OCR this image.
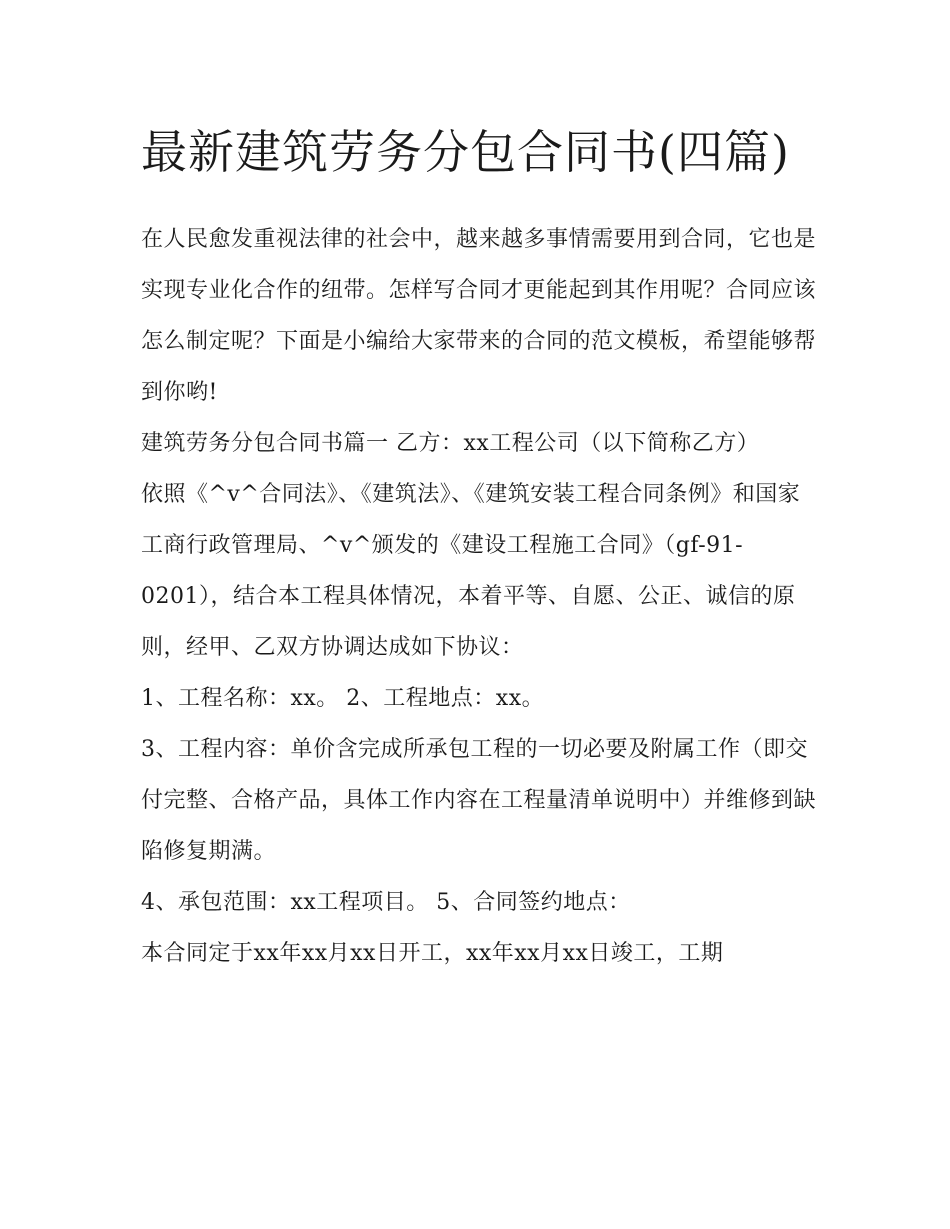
最新建筑劳务分包合同书(四篇)

在人民愈发重视法律的社会中，越来越多事情需要用到合同，它也是实现专业化合作的纽带。怎样写合同才更能起到其作用呢？合同应该怎么制定呢？下面是小编给大家带来的合同的范文模板，希望能够帮到你哟!

建筑劳务分包合同书篇一 乙方：xx工程公司（以下简称乙方）

依照《^v^合同法》、《建筑法》、《建筑安装工程合同条例》和国家工商行政管理局、^v^颁发的《建设工程施工合同》（gf-91-0201），结合本工程具体情况，本着平等、自愿、公正、诚信的原则，经甲、乙双方协调达成如下协议：

1、工程名称：xx。 2、工程地点：xx。

3、工程内容：单价含完成所承包工程的一切必要及附属工作（即交付完整、合格产品，具体工作内容在工程量清单说明中）并维修到缺陷修复期满。

4、承包范围：xx工程项目。 5、合同签约地点：

本合同定于xx年xx月xx日开工，xx年xx月xx日竣工，工期
